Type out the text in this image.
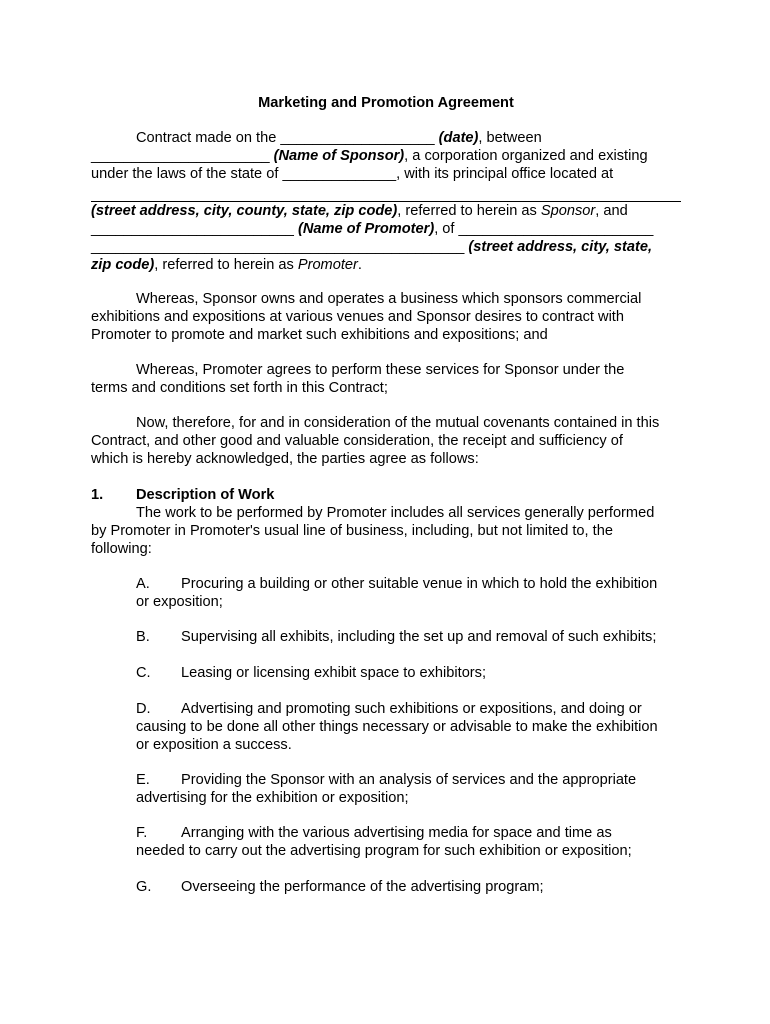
Marketing and Promotion Agreement
Contract made on the ___________________ (date), between
______________________ (Name of Sponsor), a corporation organized and existing
under the laws of the state of ______________, with its principal office located at
(street address, city, county, state, zip code), referred to herein as Sponsor, and
_________________________ (Name of Promoter), of ________________________
______________________________________________ (street address, city, state,
zip code), referred to herein as Promoter.
Whereas, Sponsor owns and operates a business which sponsors commercial
exhibitions and expositions at various venues and Sponsor desires to contract with
Promoter to promote and market such exhibitions and expositions; and
Whereas, Promoter agrees to perform these services for Sponsor under the
terms and conditions set forth in this Contract;
Now, therefore, for and in consideration of the mutual covenants contained in this
Contract, and other good and valuable consideration, the receipt and sufficiency of
which is hereby acknowledged, the parties agree as follows:
1. Description of Work
The work to be performed by Promoter includes all services generally performed
by Promoter in Promoter's usual line of business, including, but not limited to, the
following:
A. Procuring a building or other suitable venue in which to hold the exhibition
or exposition;
B. Supervising all exhibits, including the set up and removal of such exhibits;
C. Leasing or licensing exhibit space to exhibitors;
D. Advertising and promoting such exhibitions or expositions, and doing or
causing to be done all other things necessary or advisable to make the exhibition
or exposition a success.
E. Providing the Sponsor with an analysis of services and the appropriate
advertising for the exhibition or exposition;
F. Arranging with the various advertising media for space and time as
needed to carry out the advertising program for such exhibition or exposition;
G. Overseeing the performance of the advertising program;
